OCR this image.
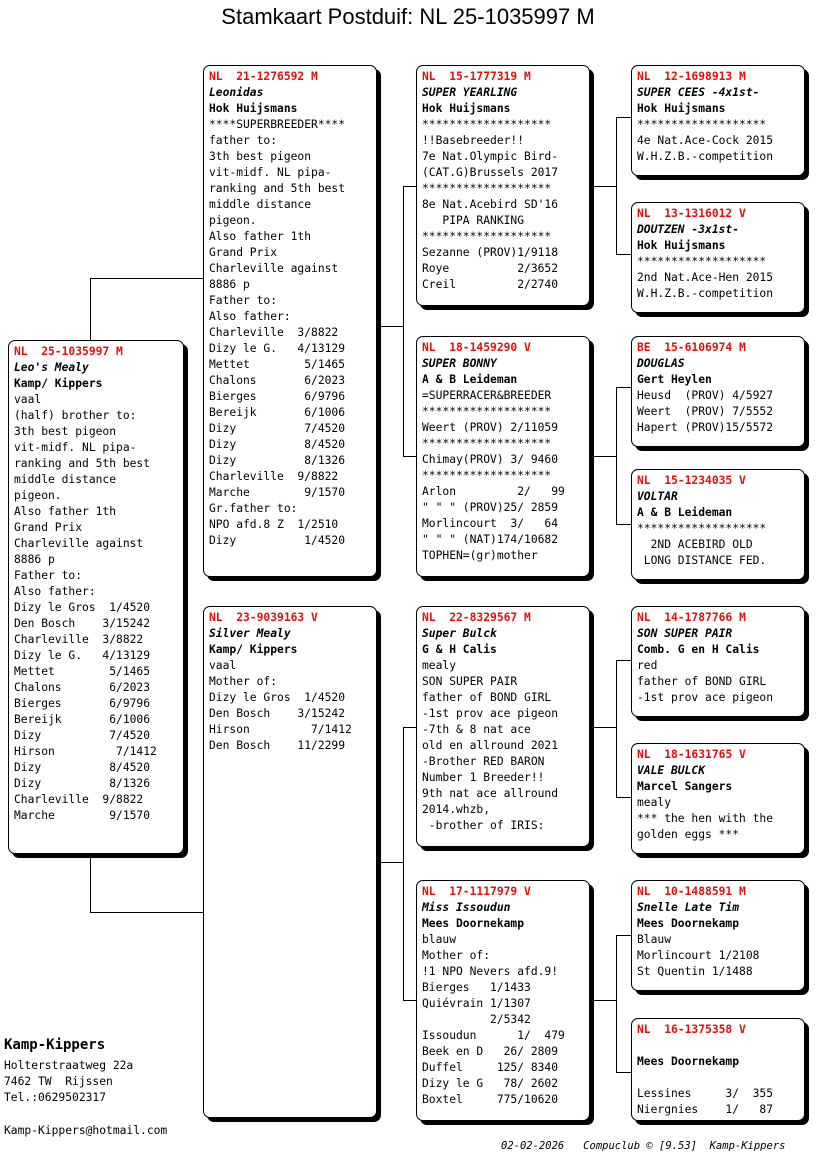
Stamkaart Postduif: NL 25-1035997 M
NL  25-1035997 M
Leo's Mealy
Kamp/ Kippers
vaal
(half) brother to:
3th best pigeon
vit-midf. NL pipa-
ranking and 5th best
middle distance
pigeon.
Also father 1th
Grand Prix
Charleville against
8886 p
Father to:
Also father:
Dizy le Gros  1/4520
Den Bosch    3/15242
Charleville  3/8822
Dizy le G.   4/13129
Mettet        5/1465
Chalons       6/2023
Bierges       6/9796
Bereijk       6/1006
Dizy          7/4520
Hirson         7/1412
Dizy          8/4520
Dizy          8/1326
Charleville  9/8822
Marche        9/1570
NL  21-1276592 M
Leonidas
Hok Huijsmans
****SUPERBREEDER****
father to:
3th best pigeon
vit-midf. NL pipa-
ranking and 5th best
middle distance
pigeon.
Also father 1th
Grand Prix
Charleville against
8886 p
Father to:
Also father:
Charleville  3/8822
Dizy le G.   4/13129
Mettet        5/1465
Chalons       6/2023
Bierges       6/9796
Bereijk       6/1006
Dizy          7/4520
Dizy          8/4520
Dizy          8/1326
Charleville  9/8822
Marche        9/1570
Gr.father to:
NPO afd.8 Z  1/2510
Dizy          1/4520
NL  23-9039163 V
Silver Mealy
Kamp/ Kippers
vaal
Mother of:
Dizy le Gros  1/4520
Den Bosch    3/15242
Hirson         7/1412
Den Bosch    11/2299
NL  15-1777319 M
SUPER YEARLING
Hok Huijsmans
*******************
!!Basebreeder!!
7e Nat.Olympic Bird-
(CAT.G)Brussels 2017
*******************
8e Nat.Acebird SD'16
PIPA RANKING
*******************
Sezanne (PROV)1/9118
Roye          2/3652
Creil         2/2740
NL  18-1459290 V
SUPER BONNY
A & B Leideman
=SUPERRACER&BREEDER
*******************
Weert (PROV) 2/11059
*******************
Chimay(PROV) 3/ 9460
*******************
Arlon         2/   99
" " " (PROV)25/ 2859
Morlincourt  3/   64
" " " (NAT)174/10682
TOPHEN=(gr)mother
NL  22-8329567 M
Super Bulck
G & H Calis
mealy
SON SUPER PAIR
father of BOND GIRL
-1st prov ace pigeon
-7th & 8 nat ace
old en allround 2021
-Brother RED BARON
Number 1 Breeder!!
9th nat ace allround
2014.whzb,
-brother of IRIS:
NL  17-1117979 V
Miss Issoudun
Mees Doornekamp
blauw
Mother of:
!1 NPO Nevers afd.9!
Bierges   1/1433
Quiévrain 1/1307
2/5342
Issoudun      1/  479
Beek en D   26/ 2809
Duffel     125/ 8340
Dizy le G   78/ 2602
Boxtel     775/10620
NL  12-1698913 M
SUPER CEES -4x1st-
Hok Huijsmans
*******************
4e Nat.Ace-Cock 2015
W.H.Z.B.-competition
NL  13-1316012 V
DOUTZEN -3x1st-
Hok Huijsmans
*******************
2nd Nat.Ace-Hen 2015
W.H.Z.B.-competition
BE  15-6106974 M
DOUGLAS
Gert Heylen
Heusd  (PROV) 4/5927
Weert  (PROV) 7/5552
Hapert (PROV)15/5572
NL  15-1234035 V
VOLTAR
A & B Leideman
*******************
2ND ACEBIRD OLD
LONG DISTANCE FED.
NL  14-1787766 M
SON SUPER PAIR
Comb. G en H Calis
red
father of BOND GIRL
-1st prov ace pigeon
NL  18-1631765 V
VALE BULCK
Marcel Sangers
mealy
*** the hen with the
golden eggs ***
NL  10-1488591 M
Snelle Late Tim
Mees Doornekamp
Blauw
Morlincourt 1/2108
St Quentin 1/1488
NL  16-1375358 V
Mees Doornekamp
Lessines     3/  355
Niergnies    1/   87
Kamp-Kippers
Holterstraatweg 22a
7462 TW  Rijssen
Tel.:0629502317
Kamp-Kippers@hotmail.com
02-02-2026   Compuclub © [9.53]  Kamp-Kippers
